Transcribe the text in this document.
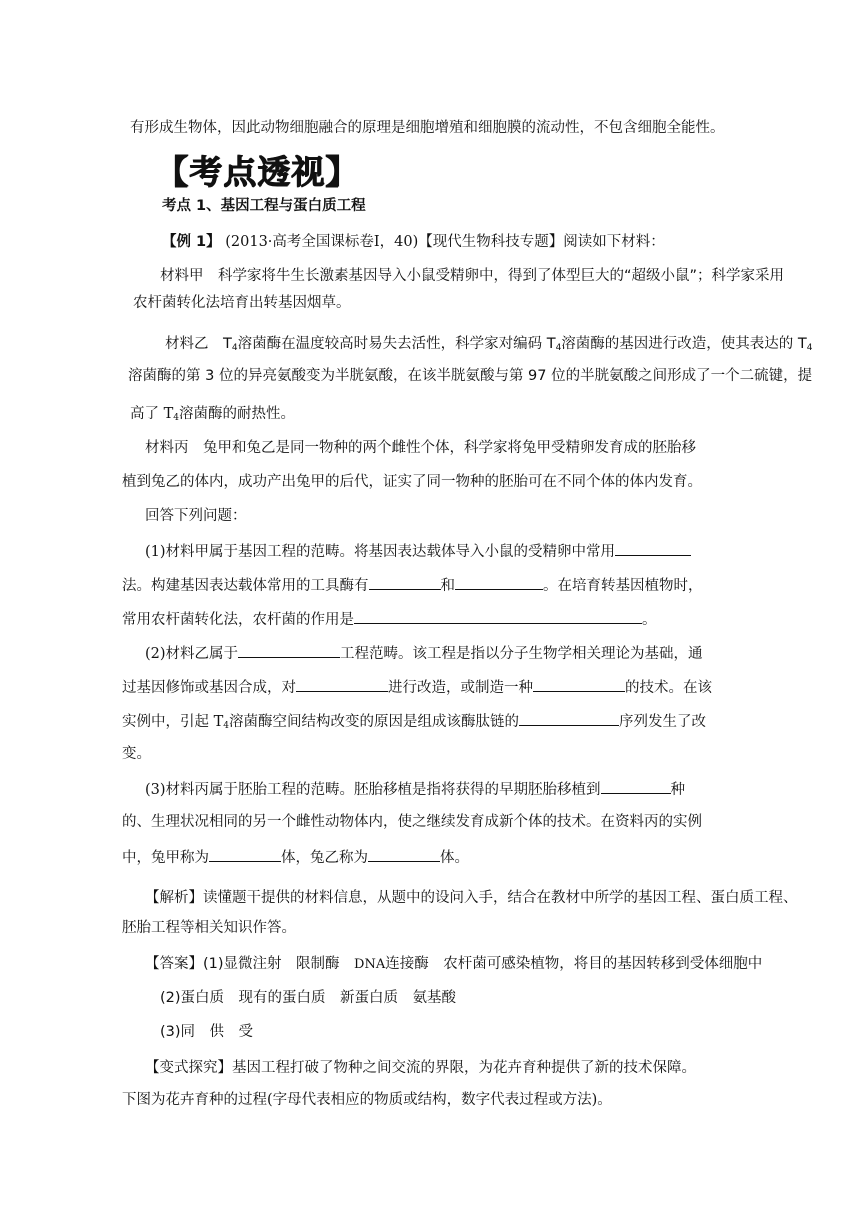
有形成生物体，因此动物细胞融合的原理是细胞增殖和细胞膜的流动性，不包含细胞全能性。
【考点透视】
考点 1、基因工程与蛋白质工程
【例 1】 (2013·高考全国课标卷Ⅰ，40)【现代生物科技专题】阅读如下材料：
材料甲　科学家将牛生长激素基因导入小鼠受精卵中，得到了体型巨大的“超级小鼠”；科学家采用
农杆菌转化法培育出转基因烟草。
材料乙　$T_4$溶菌酶在温度较高时易失去活性，科学家对编码 $T_4$溶菌酶的基因进行改造，使其表达的 $T_4$
溶菌酶的第 3 位的异亮氨酸变为半胱氨酸，在该半胱氨酸与第 97 位的半胱氨酸之间形成了一个二硫键，提
高了 $T_4$溶菌酶的耐热性。
材料丙　兔甲和兔乙是同一物种的两个雌性个体，科学家将兔甲受精卵发育成的胚胎移
植到兔乙的体内，成功产出兔甲的后代，证实了同一物种的胚胎可在不同个体的体内发育。
回答下列问题：
(1)材料甲属于基因工程的范畴。将基因表达载体导入小鼠的受精卵中常用
法。构建基因表达载体常用的工具酶有	和	。在培育转基因植物时，
常用农杆菌转化法，农杆菌的作用是	。
(2)材料乙属于	工程范畴。该工程是指以分子生物学相关理论为基础，通
过基因修饰或基因合成，对	进行改造，或制造一种	的技术。在该
实例中，引起 $T_4$溶菌酶空间结构改变的原因是组成该酶肽链的	序列发生了改
变。
(3)材料丙属于胚胎工程的范畴。胚胎移植是指将获得的早期胚胎移植到	种
的、生理状况相同的另一个雌性动物体内，使之继续发育成新个体的技术。在资料丙的实例
中，兔甲称为	体，兔乙称为	体。
【解析】读懂题干提供的材料信息，从题中的设问入手，结合在教材中所学的基因工程、蛋白质工程、
胚胎工程等相关知识作答。
【答案】(1)显微注射　限制酶　DNA连接酶　农杆菌可感染植物，将目的基因转移到受体细胞中
(2)蛋白质　现有的蛋白质　新蛋白质　氨基酸
(3)同　供　受
【变式探究】基因工程打破了物种之间交流的界限，为花卉育种提供了新的技术保障。
下图为花卉育种的过程(字母代表相应的物质或结构，数字代表过程或方法)。
